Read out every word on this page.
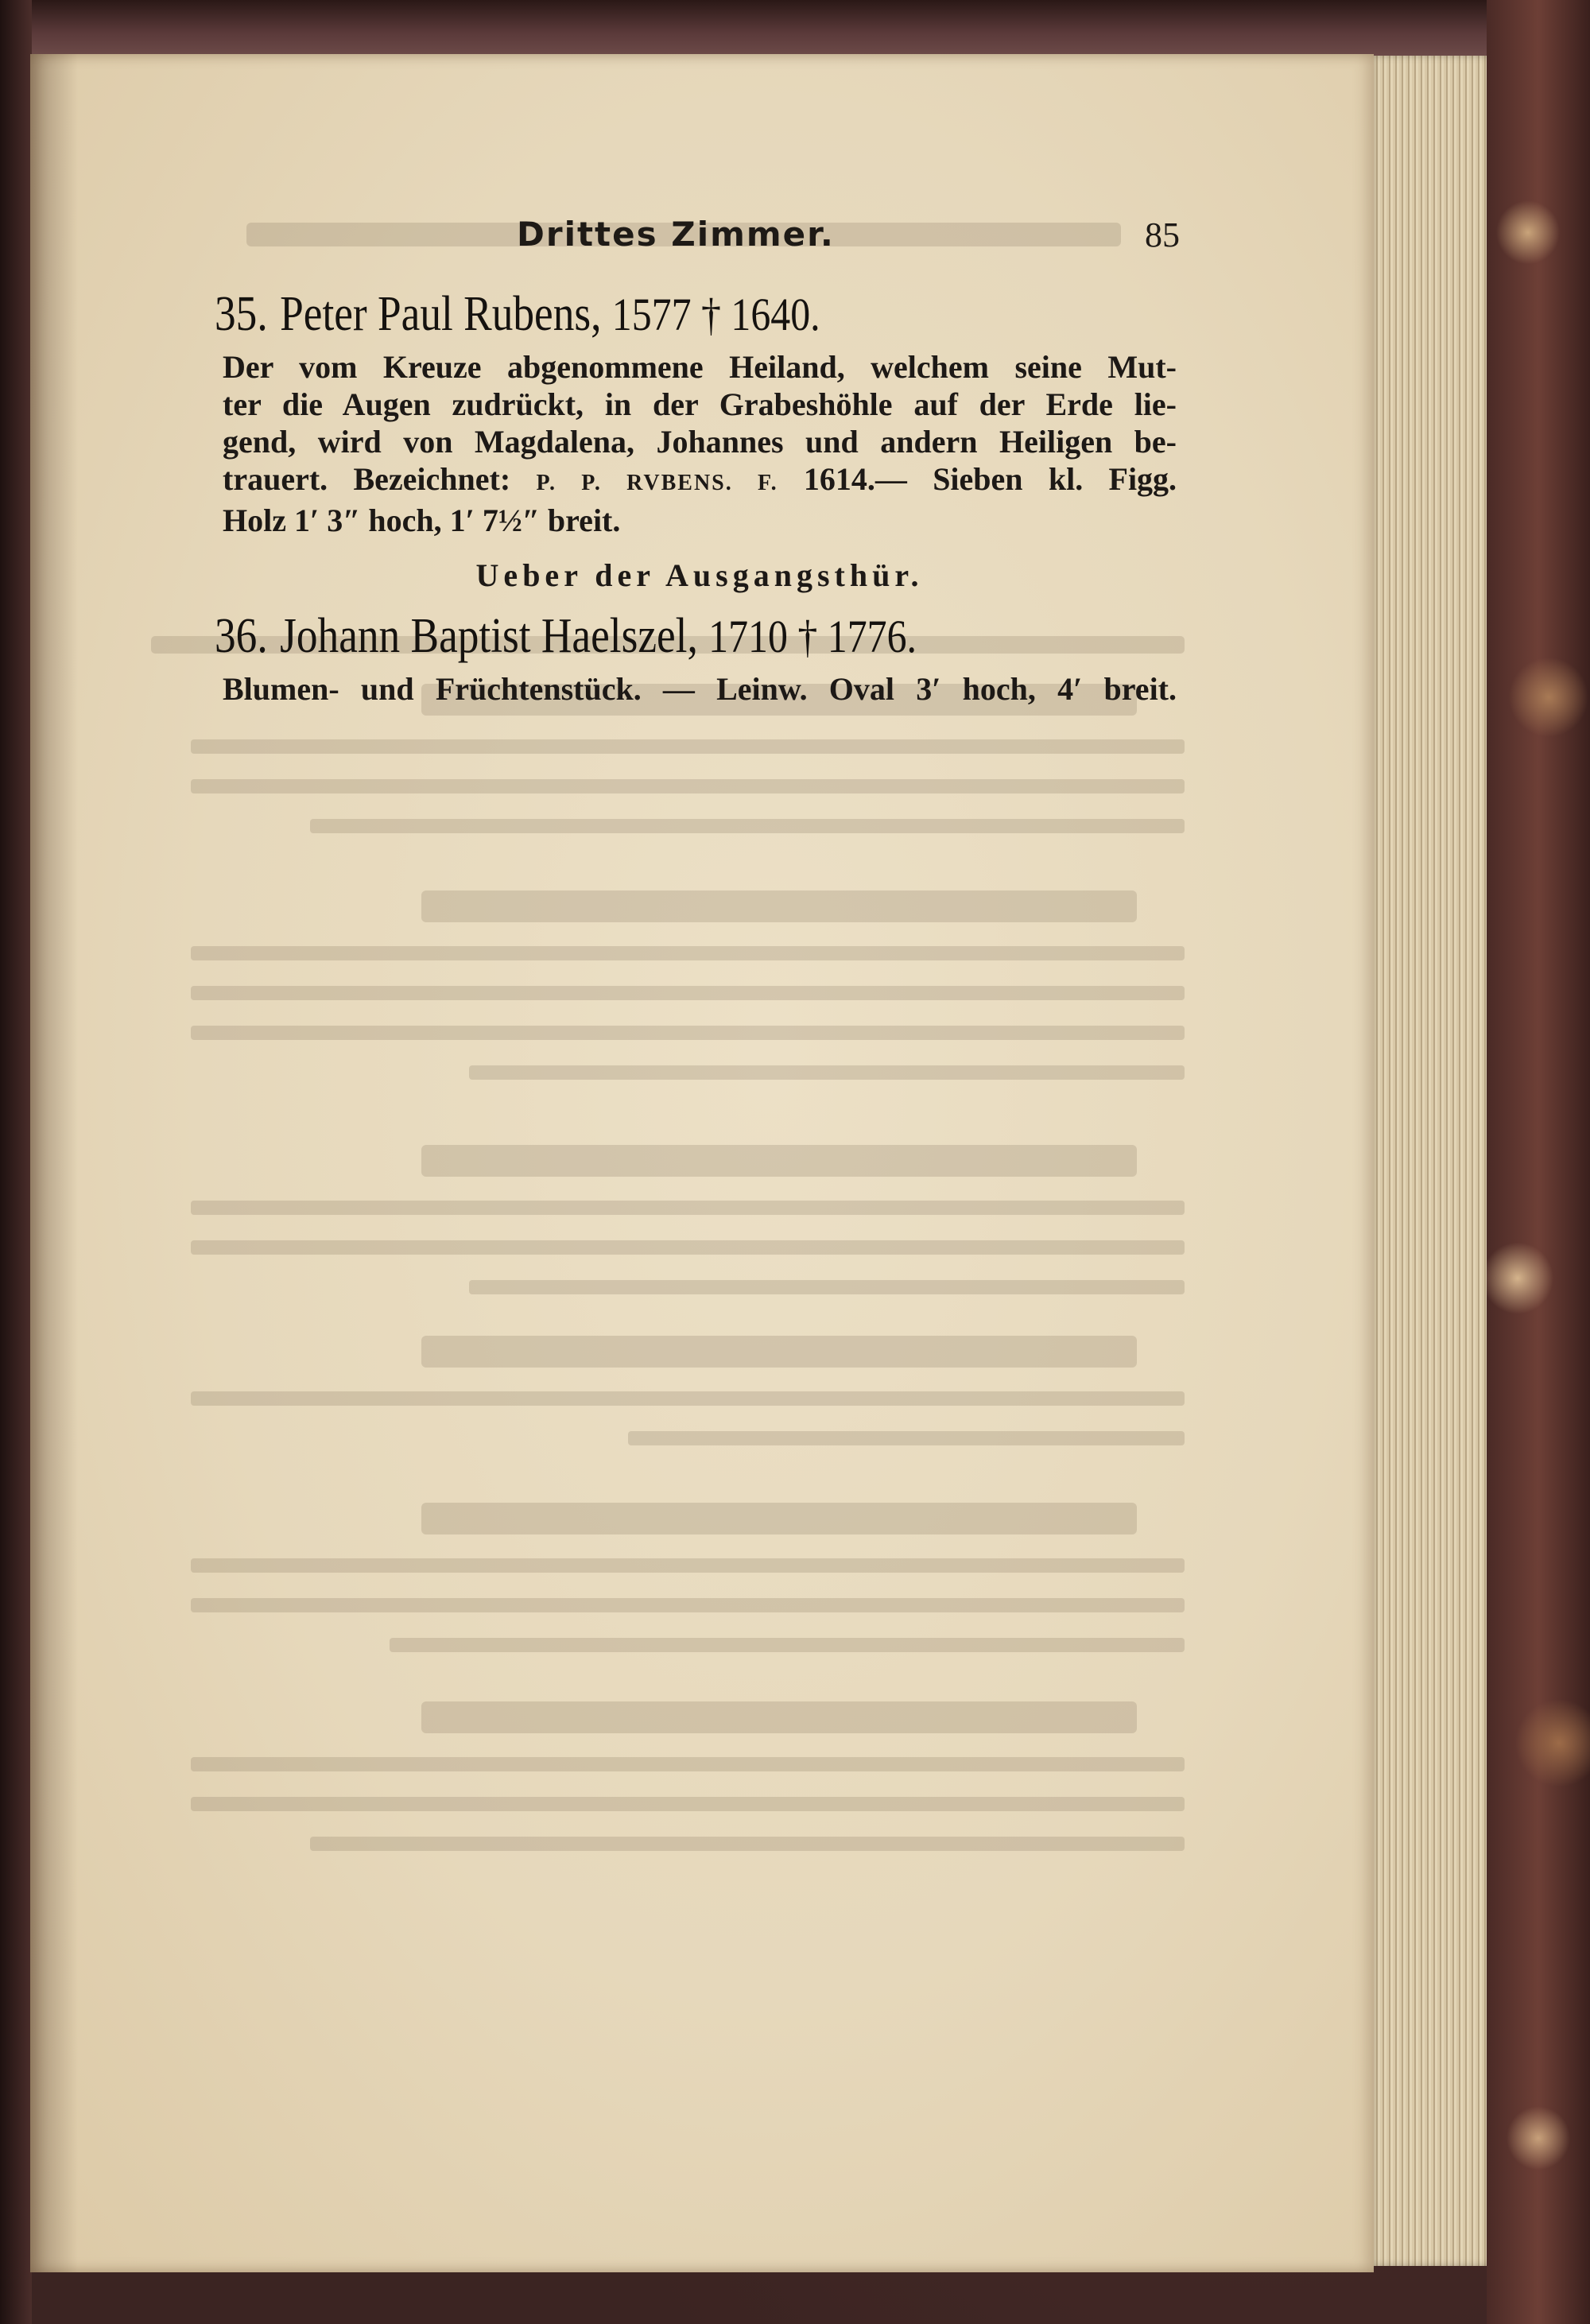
Drittes Zimmer.	85
35. Peter Paul Rubens, 1577 † 1640.
Der vom Kreuze abgenommene Heiland, welchem seine Mut-
ter die Augen zudrückt, in der Grabeshöhle auf der Erde lie-
gend, wird von Magdalena, Johannes und andern Heiligen be-
trauert. Bezeichnet: P. P. RVBENS. F. 1614.— Sieben kl. Figg.
Holz 1′ 3″ hoch, 1′ 7½″ breit.
Ueber der Ausgangsthür.
36. Johann Baptist Haelszel, 1710 † 1776.
Blumen- und Früchtenstück. — Leinw. Oval 3′ hoch, 4′ breit.
